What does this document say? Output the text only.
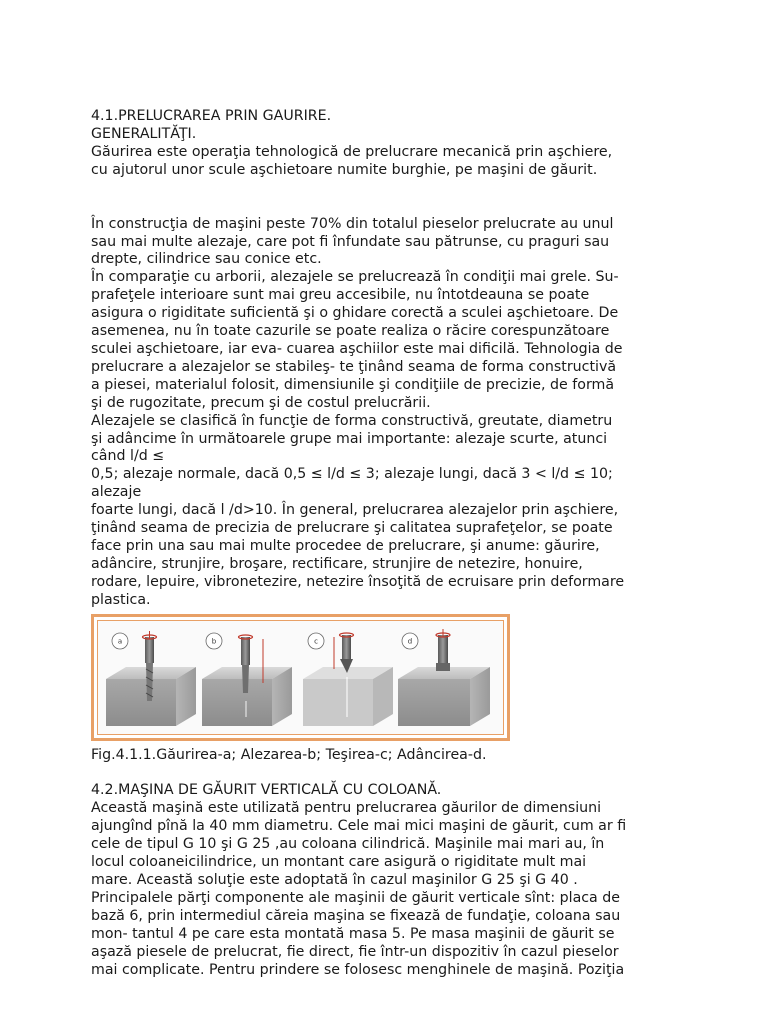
4.1.PRELUCRAREA PRIN GAURIRE.
GENERALITĂŢI.
Găurirea este operaţia tehnologică de prelucrare mecanică prin aşchiere,
cu ajutorul unor scule aşchietoare numite burghie, pe maşini de găurit.
În construcţia de maşini peste 70% din totalul pieselor prelucrate au unul
sau mai multe alezaje, care pot fi înfundate sau pătrunse, cu praguri sau
drepte, cilindrice sau conice etc.
În comparaţie cu arborii, alezajele se prelucrează în condiţii mai grele. Su-
prafeţele interioare sunt mai greu accesibile, nu întotdeauna se poate
asigura o rigiditate suficientă şi o ghidare corectă a sculei aşchietoare. De
asemenea, nu în toate cazurile se poate realiza o răcire corespunzătoare
sculei aşchietoare, iar eva- cuarea aşchiilor este mai dificilă. Tehnologia de
prelucrare a alezajelor se stabileş- te ţinând seama de forma constructivă
a piesei, materialul folosit, dimensiunile şi condiţiile de precizie, de formă
şi de rugozitate, precum şi de costul prelucrării.
Alezajele se clasifică în funcţie de forma constructivă, greutate, diametru
şi adâncime în următoarele grupe mai importante: alezaje scurte, atunci
când l/d ≤
0,5; alezaje normale, dacă 0,5 ≤ l/d ≤ 3; alezaje lungi, dacă 3 < l/d ≤ 10;
alezaje
foarte lungi, dacă l /d>10. În general, prelucrarea alezajelor prin aşchiere,
ţinând seama de precizia de prelucrare şi calitatea suprafeţelor, se poate
face prin una sau mai multe procedee de prelucrare, şi anume: găurire,
adâncire, strunjire, broşare, rectificare, strunjire de netezire, honuire,
rodare, lepuire, vibronetezire, netezire însoţită de ecruisare prin deformare
plastica.
a	b	c	d
Fig.4.1.1.Găurirea-a; Alezarea-b; Teşirea-c; Adâncirea-d.
4.2.MAŞINA DE GĂURIT VERTICALĂ CU COLOANĂ.
Această maşină este utilizată pentru prelucrarea găurilor de dimensiuni
ajungînd pînă la 40 mm diametru. Cele mai mici maşini de găurit, cum ar fi
cele de tipul G 10 şi G 25 ,au coloana cilindrică. Maşinile mai mari au, în
locul coloaneicilindrice, un montant care asigură o rigiditate mult mai
mare. Această soluţie este adoptată în cazul maşinilor G 25 şi G 40 .
Principalele părţi componente ale maşinii de găurit verticale sînt: placa de
bază 6, prin intermediul căreia maşina se fixează de fundaţie, coloana sau
mon- tantul 4 pe care esta montată masa 5. Pe masa maşinii de găurit se
aşază piesele de prelucrat, fie direct, fie într-un dispozitiv în cazul pieselor
mai complicate. Pentru prindere se folosesc menghinele de maşină. Poziţia
